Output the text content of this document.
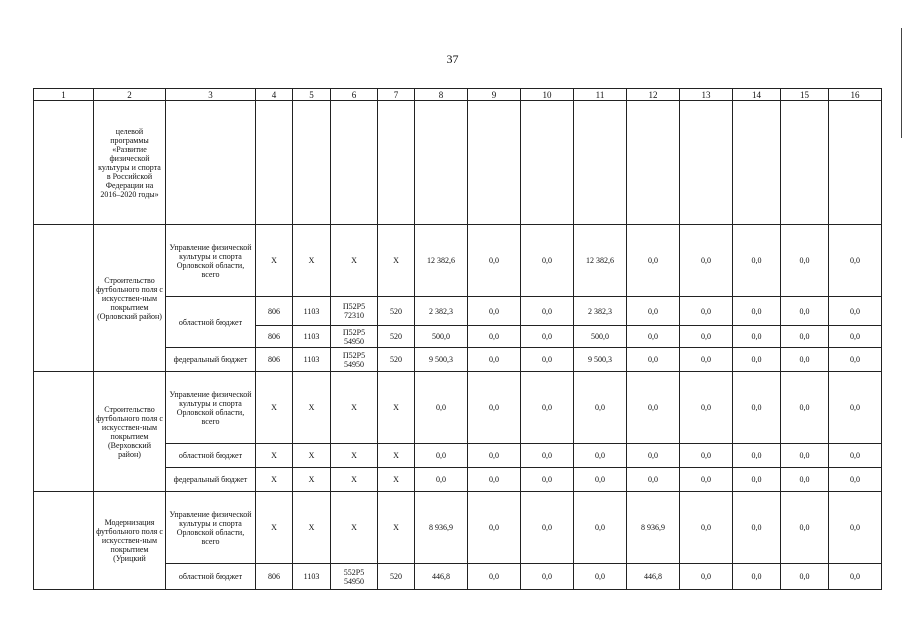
37
1	2	3	4	5	6	7	8	9	10	11	12	13	14	15	16
	целевой программы «Развитие физической культуры и спорта в Российской Федерации на 2016–2020 годы»														
	Строительство футбольного поля с искусствен-ным покрытием (Орловский район)	Управление физической культуры и спорта Орловской области, всего	X	X	X	X	12 382,6	0,0	0,0	12 382,6	0,0	0,0	0,0	0,0	0,0
		областной бюджет	806	1103	П52Р5 72310	520	2 382,3	0,0	0,0	2 382,3	0,0	0,0	0,0	0,0	0,0
			806	1103	П52Р5 54950	520	500,0	0,0	0,0	500,0	0,0	0,0	0,0	0,0	0,0
		федеральный бюджет	806	1103	П52Р5 54950	520	9 500,3	0,0	0,0	9 500,3	0,0	0,0	0,0	0,0	0,0
	Строительство футбольного поля с искусствен-ным покрытием (Верховский район)	Управление физической культуры и спорта Орловской области, всего	X	X	X	X	0,0	0,0	0,0	0,0	0,0	0,0	0,0	0,0	0,0
		областной бюджет	X	X	X	X	0,0	0,0	0,0	0,0	0,0	0,0	0,0	0,0	0,0
		федеральный бюджет	X	X	X	X	0,0	0,0	0,0	0,0	0,0	0,0	0,0	0,0	0,0
	Модернизация футбольного поля с искусствен-ным покрытием (Урицкий	Управление физической культуры и спорта Орловской области, всего	X	X	X	X	8 936,9	0,0	0,0	0,0	8 936,9	0,0	0,0	0,0	0,0
		областной бюджет	806	1103	552Р5 54950	520	446,8	0,0	0,0	0,0	446,8	0,0	0,0	0,0	0,0
